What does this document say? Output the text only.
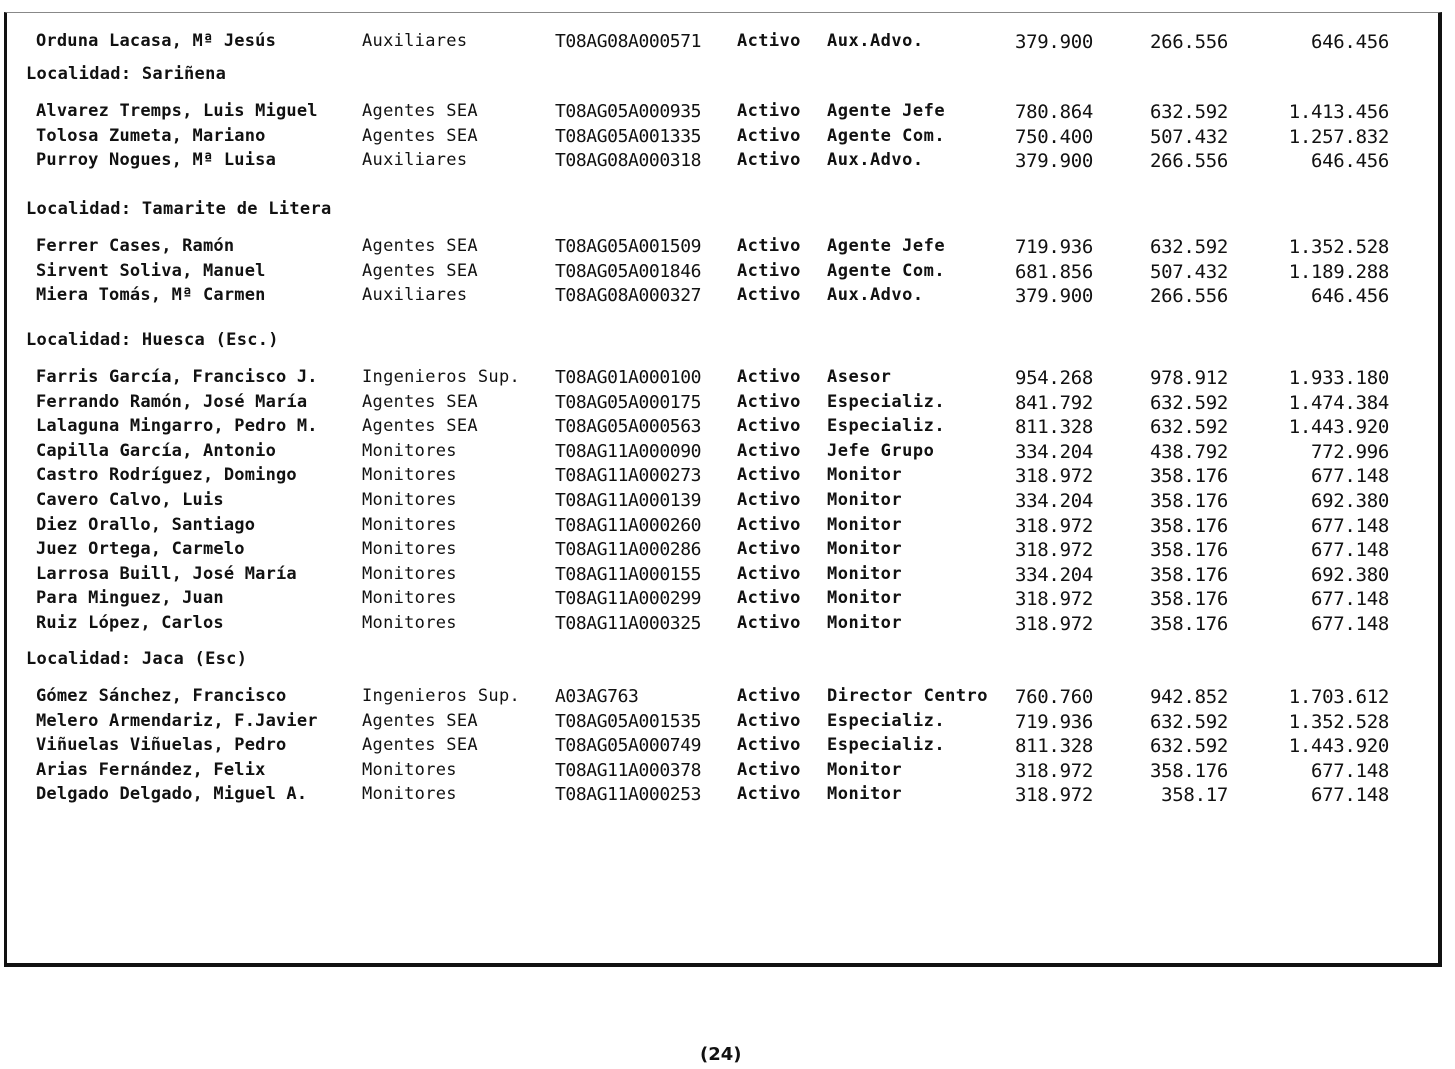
Orduna Lacasa, Mª Jesús	Auxiliares	T08AG08A000571 Activo Aux.Advo.	379.900	266.556	646.456
Localidad: Sariñena
Alvarez Tremps, Luis Miguel	Agentes SEA	T08AG05A000935 Activo Agente Jefe	780.864	632.592	1.413.456
Tolosa Zumeta, Mariano	Agentes SEA	T08AG05A001335 Activo Agente Com.	750.400	507.432	1.257.832
Purroy Nogues, Mª Luisa	Auxiliares	T08AG08A000318 Activo Aux.Advo.	379.900	266.556	646.456
Localidad: Tamarite de Litera
Ferrer Cases, Ramón	Agentes SEA	T08AG05A001509 Activo Agente Jefe	719.936	632.592	1.352.528
Sirvent Soliva, Manuel	Agentes SEA	T08AG05A001846 Activo Agente Com.	681.856	507.432	1.189.288
Miera Tomás, Mª Carmen	Auxiliares	T08AG08A000327 Activo Aux.Advo.	379.900	266.556	646.456
Localidad: Huesca (Esc.)
Farris García, Francisco J.	Ingenieros Sup. T08AG01A000100 Activo Asesor	954.268	978.912	1.933.180
Ferrando Ramón, José María	Agentes SEA	T08AG05A000175 Activo Especializ.	841.792	632.592	1.474.384
Lalaguna Mingarro, Pedro M.	Agentes SEA	T08AG05A000563 Activo Especializ.	811.328	632.592	1.443.920
Capilla García, Antonio	Monitores	T08AG11A000090 Activo Jefe Grupo	334.204	438.792	772.996
Castro Rodríguez, Domingo	Monitores	T08AG11A000273 Activo Monitor	318.972	358.176	677.148
Cavero Calvo, Luis	Monitores	T08AG11A000139 Activo Monitor	334.204	358.176	692.380
Diez Orallo, Santiago	Monitores	T08AG11A000260 Activo Monitor	318.972	358.176	677.148
Juez Ortega, Carmelo	Monitores	T08AG11A000286 Activo Monitor	318.972	358.176	677.148
Larrosa Buill, José María	Monitores	T08AG11A000155 Activo Monitor	334.204	358.176	692.380
Para Minguez, Juan	Monitores	T08AG11A000299 Activo Monitor	318.972	358.176	677.148
Ruiz López, Carlos	Monitores	T08AG11A000325 Activo Monitor	318.972	358.176	677.148
Localidad: Jaca (Esc)
Gómez Sánchez, Francisco	Ingenieros Sup. A03AG763	Activo Director Centro 760.760	942.852	1.703.612
Melero Armendariz, F.Javier	Agentes SEA	T08AG05A001535 Activo Especializ.	719.936	632.592	1.352.528
Viñuelas Viñuelas, Pedro	Agentes SEA	T08AG05A000749 Activo Especializ.	811.328	632.592	1.443.920
Arias Fernández, Felix	Monitores	T08AG11A000378 Activo Monitor	318.972	358.176	677.148
Delgado Delgado, Miguel A.	Monitores	T08AG11A000253 Activo Monitor	318.972	358.17	677.148
(24)
